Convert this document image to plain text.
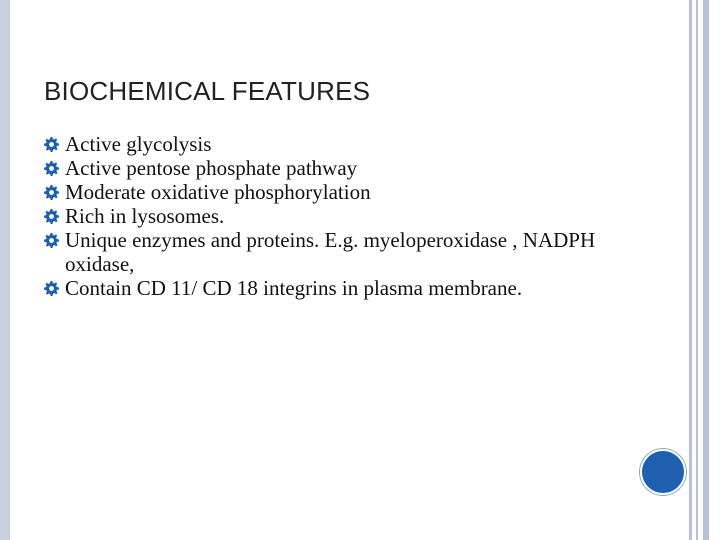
BIOCHEMICAL FEATURES
Active glycolysis
Active pentose phosphate pathway
Moderate oxidative phosphorylation
Rich in lysosomes.
Unique enzymes and proteins. E.g. myeloperoxidase , NADPH oxidase,
Contain CD 11/ CD 18 integrins in plasma membrane.
